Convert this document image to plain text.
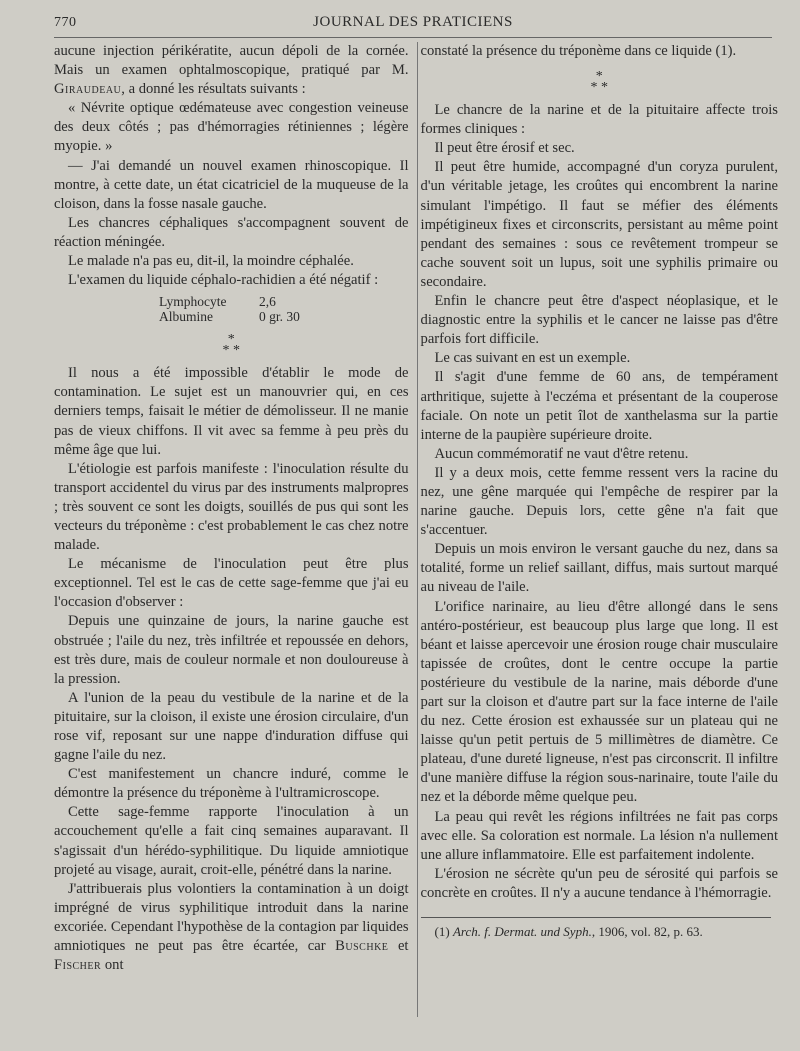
770	JOURNAL DES PRATICIENS

aucune injection périkératite, aucun dépoli de la cornée. Mais un examen ophtalmoscopique, pratiqué par M. Giraudeau, a donné les résultats suivants :

« Névrite optique œdémateuse avec congestion veineuse des deux côtés ; pas d'hémorragies rétiniennes ; légère myopie. »

— J'ai demandé un nouvel examen rhinoscopique. Il montre, à cette date, un état cicatriciel de la muqueuse de la cloison, dans la fosse nasale gauche.

Les chancres céphaliques s'accompagnent souvent de réaction méningée.

Le malade n'a pas eu, dit-il, la moindre céphalée.

L'examen du liquide céphalo-rachidien a été négatif :

Lymphocyte	2,6
Albumine	0 gr. 30
*
* *

Il nous a été impossible d'établir le mode de contamination. Le sujet est un manouvrier qui, en ces derniers temps, faisait le métier de démolisseur. Il ne manie pas de vieux chiffons. Il vit avec sa femme à peu près du même âge que lui.

L'étiologie est parfois manifeste : l'inoculation résulte du transport accidentel du virus par des instruments malpropres ; très souvent ce sont les doigts, souillés de pus qui sont les vecteurs du tréponème : c'est probablement le cas chez notre malade.

Le mécanisme de l'inoculation peut être plus exceptionnel. Tel est le cas de cette sage-femme que j'ai eu l'occasion d'observer :

Depuis une quinzaine de jours, la narine gauche est obstruée ; l'aile du nez, très infiltrée et repoussée en dehors, est très dure, mais de couleur normale et non douloureuse à la pression.

A l'union de la peau du vestibule de la narine et de la pituitaire, sur la cloison, il existe une érosion circulaire, d'un rose vif, reposant sur une nappe d'induration diffuse qui gagne l'aile du nez.

C'est manifestement un chancre induré, comme le démontre la présence du tréponème à l'ultramicroscope.

Cette sage-femme rapporte l'inoculation à un accouchement qu'elle a fait cinq semaines auparavant. Il s'agissait d'un hérédo-syphilitique. Du liquide amniotique projeté au visage, aurait, croit-elle, pénétré dans la narine.

J'attribuerais plus volontiers la contamination à un doigt imprégné de virus syphilitique introduit dans la narine excoriée. Cependant l'hypothèse de la contagion par liquides amniotiques ne peut pas être écartée, car Buschke et Fischer ont

constaté la présence du tréponème dans ce liquide (1).

*
* *

Le chancre de la narine et de la pituitaire affecte trois formes cliniques :

Il peut être érosif et sec.

Il peut être humide, accompagné d'un coryza purulent, d'un véritable jetage, les croûtes qui encombrent la narine simulant l'impétigo. Il faut se méfier des éléments impétigineux fixes et circonscrits, persistant au même point pendant des semaines : sous ce revêtement trompeur se cache souvent soit un lupus, soit une syphilis primaire ou secondaire.

Enfin le chancre peut être d'aspect néoplasique, et le diagnostic entre la syphilis et le cancer ne laisse pas d'être parfois fort difficile.

Le cas suivant en est un exemple.

Il s'agit d'une femme de 60 ans, de tempérament arthritique, sujette à l'eczéma et présentant de la couperose faciale. On note un petit îlot de xanthelasma sur la partie interne de la paupière supérieure droite.

Aucun commémoratif ne vaut d'être retenu.

Il y a deux mois, cette femme ressent vers la racine du nez, une gêne marquée qui l'empêche de respirer par la narine gauche. Depuis lors, cette gêne n'a fait que s'accentuer.

Depuis un mois environ le versant gauche du nez, dans sa totalité, forme un relief saillant, diffus, mais surtout marqué au niveau de l'aile.

L'orifice narinaire, au lieu d'être allongé dans le sens antéro-postérieur, est beaucoup plus large que long. Il est béant et laisse apercevoir une érosion rouge chair musculaire tapissée de croûtes, dont le centre occupe la partie postérieure du vestibule de la narine, mais déborde d'une part sur la cloison et d'autre part sur la face interne de l'aile du nez. Cette érosion est exhaussée sur un plateau qui ne laisse qu'un petit pertuis de 5 millimètres de diamètre. Ce plateau, d'une dureté ligneuse, n'est pas circonscrit. Il infiltre d'une manière diffuse la région sous-narinaire, toute l'aile du nez et la déborde même quelque peu.

La peau qui revêt les régions infiltrées ne fait pas corps avec elle. Sa coloration est normale. La lésion n'a nullement une allure inflammatoire. Elle est parfaitement indolente.

L'érosion ne sécrète qu'un peu de sérosité qui parfois se concrète en croûtes. Il n'y a aucune tendance à l'hémorragie.

(1) Arch. f. Dermat. und Syph., 1906, vol. 82, p. 63.
